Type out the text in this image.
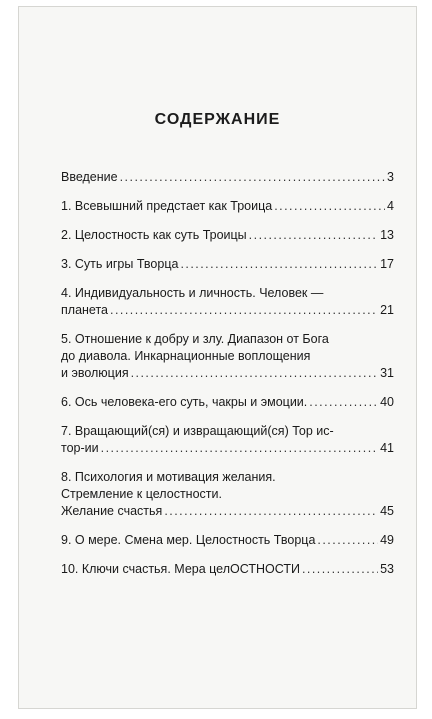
СОДЕРЖАНИЕ
Введение . . .	3
1. Всевышний предстает как Троица . . .	4
2. Целостность как суть Троицы . . .	13
3. Суть игры Творца . . .	17
4. Индивидуальность и личность. Человек —
планета . . .	21
5. Отношение к добру и злу. Диапазон от Бога
до диавола. Инкарнационные воплощения
и эволюция . . .	31
6. Ось человека-его суть, чакры и эмоции. . . .	40
7. Вращающий(ся) и извращающий(ся) Тор ис-
тор-ии . . .	41
8. Психология и мотивация желания.
Стремление к целостности.
Желание счастья . . .	45
9. О мере. Смена мер. Целостность Творца . . .	49
10. Ключи счастья. Мера целОСТНОСТИ . . .	53
